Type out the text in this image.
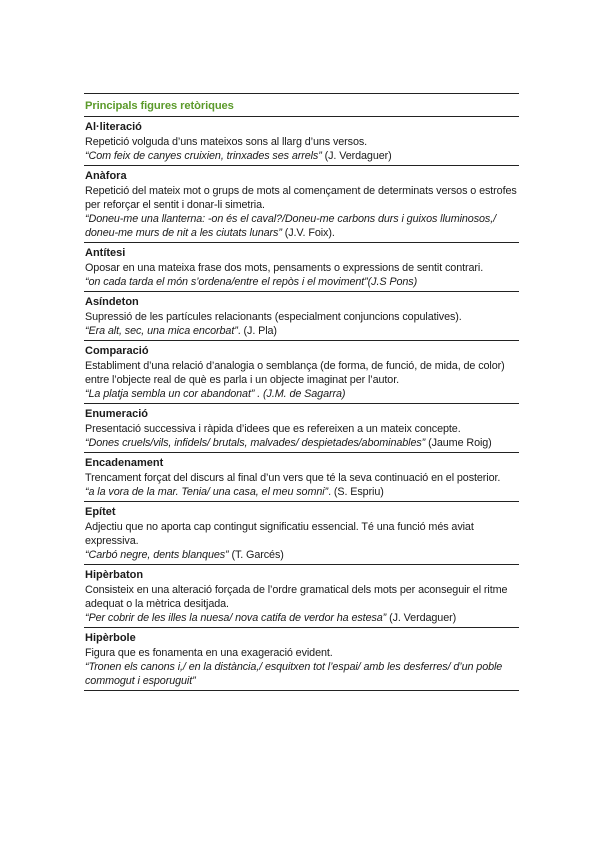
Principals figures retòriques
Al·literació
Repetició volguda d’uns mateixos sons al llarg d’uns versos.
“Com feix de canyes cruixien, trinxades ses arrels” (J. Verdaguer)
Anàfora
Repetició del mateix mot o grups de mots al començament de determinats versos o estrofes per reforçar el sentit i donar-li simetria.
“Doneu-me una llanterna: -on és el caval?/Doneu-me carbons durs i guixos lluminosos,/ doneu-me murs de nit a les ciutats lunars” (J.V. Foix).
Antítesi
Oposar en una mateixa frase dos mots, pensaments o expressions de sentit contrari.
“on cada tarda el món s’ordena/entre el repòs i el moviment”(J.S Pons)
Asíndeton
Supressió de les partícules relacionants (especialment conjuncions copulatives).
“Era alt, sec, una mica encorbat”. (J. Pla)
Comparació
Establiment d’una relació d’analogia o semblança (de forma, de funció, de mida, de color) entre l’objecte real de què es parla i un objecte imaginat per l’autor.
“La platja sembla un cor abandonat” . (J.M. de Sagarra)
Enumeració
Presentació successiva i ràpida d’idees que es refereixen a un mateix concepte.
“Dones cruels/vils, infidels/ brutals, malvades/ despietades/abominables” (Jaume Roig)
Encadenament
Trencament forçat del discurs al final d’un vers que té la seva continuació en el posterior.
“a la vora de la mar. Tenia/ una casa, el meu somni”. (S. Espriu)
Epítet
Adjectiu que no aporta cap contingut significatiu essencial. Té una funció més aviat expressiva.
“Carbó negre, dents blanques” (T. Garcés)
Hipèrbaton
Consisteix en una alteració forçada de l’ordre gramatical dels mots per aconseguir el ritme adequat o la mètrica desitjada.
“Per cobrir de les illes la nuesa/ nova catifa de verdor ha estesa” (J. Verdaguer)
Hipèrbole
Figura que es fonamenta en una exageració evident.
“Tronen els canons i,/ en la distància,/ esquitxen tot l’espai/ amb les desferres/ d’un poble commogut i esporuguit”
